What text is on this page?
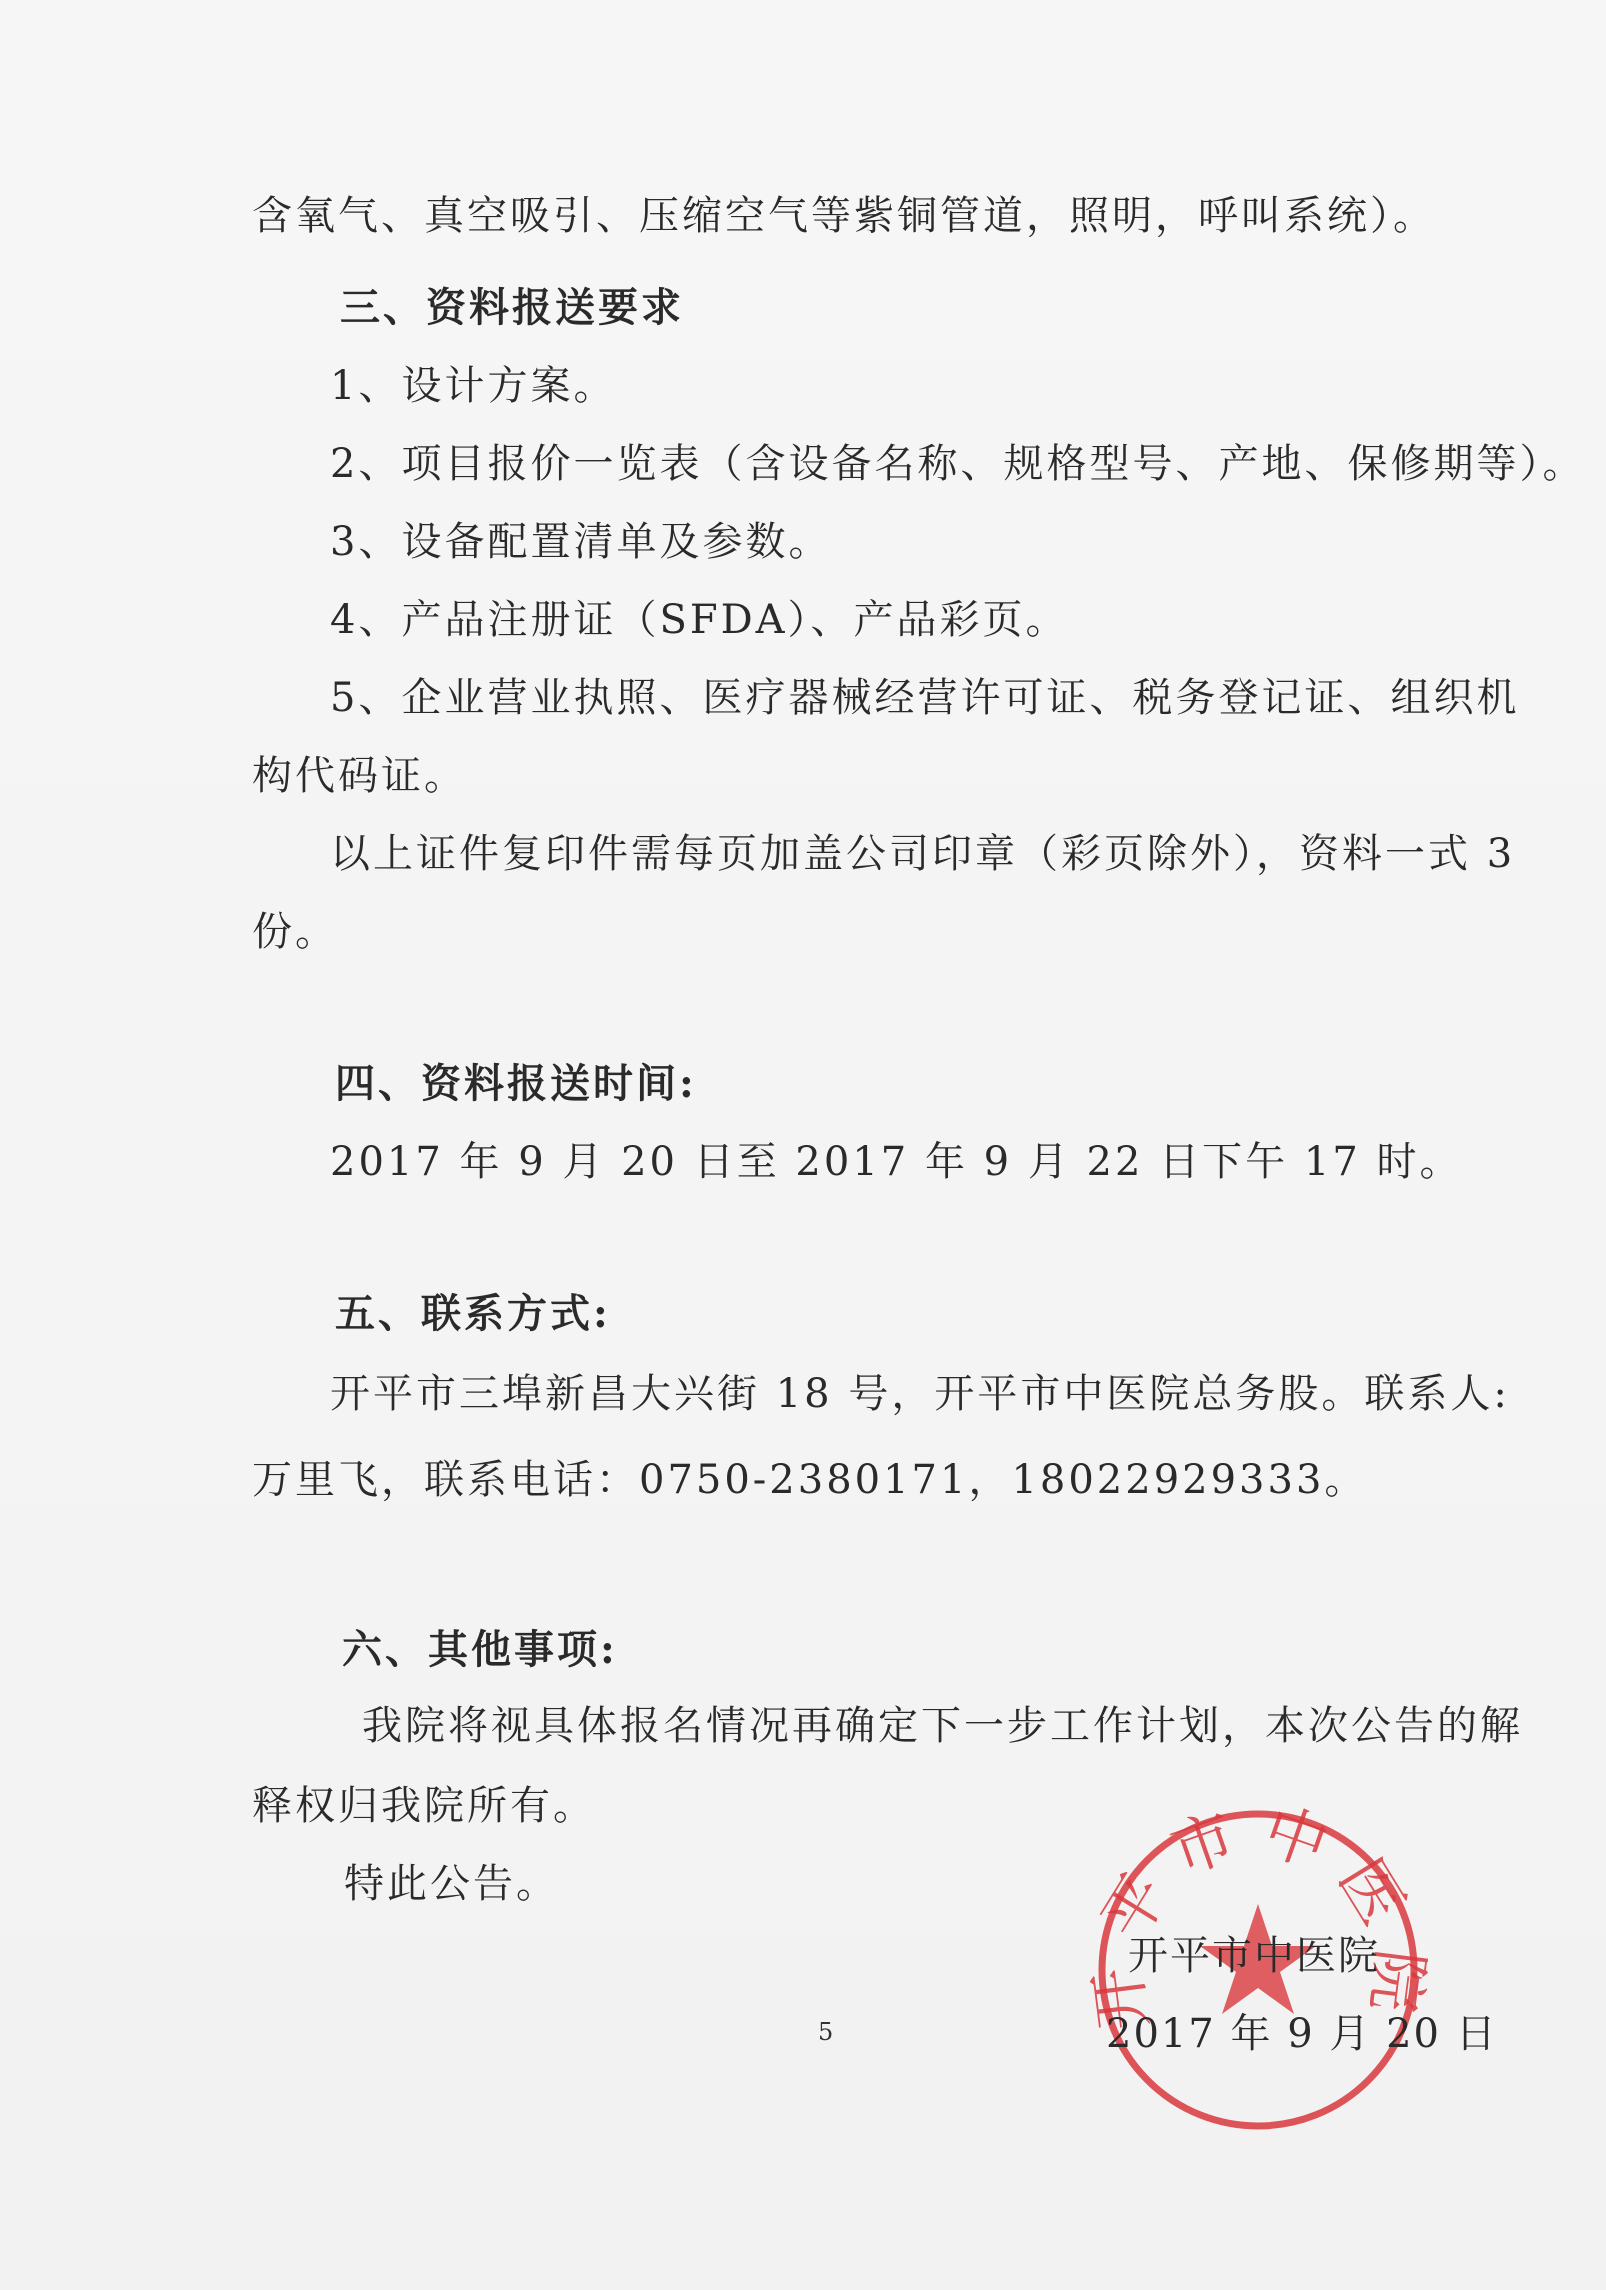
含氧气、真空吸引、压缩空气等紫铜管道，照明，呼叫系统）。
三、资料报送要求
1、设计方案。
2、项目报价一览表（含设备名称、规格型号、产地、保修期等）。
3、设备配置清单及参数。
4、产品注册证（SFDA）、产品彩页。
5、企业营业执照、医疗器械经营许可证、税务登记证、组织机
构代码证。
以上证件复印件需每页加盖公司印章（彩页除外），资料一式 3
份。
四、资料报送时间:
2017 年 9 月 20 日至 2017 年 9 月 22 日下午 17 时。
五、联系方式:
开平市三埠新昌大兴街 18 号，开平市中医院总务股。联系人:
万里飞，联系电话：0750-2380171，18022929333。
六、其他事项:
我院将视具体报名情况再确定下一步工作计划，本次公告的解
释权归我院所有。
特此公告。	平市中医
开平市中医院
2017 年 9 月 20 日
5
